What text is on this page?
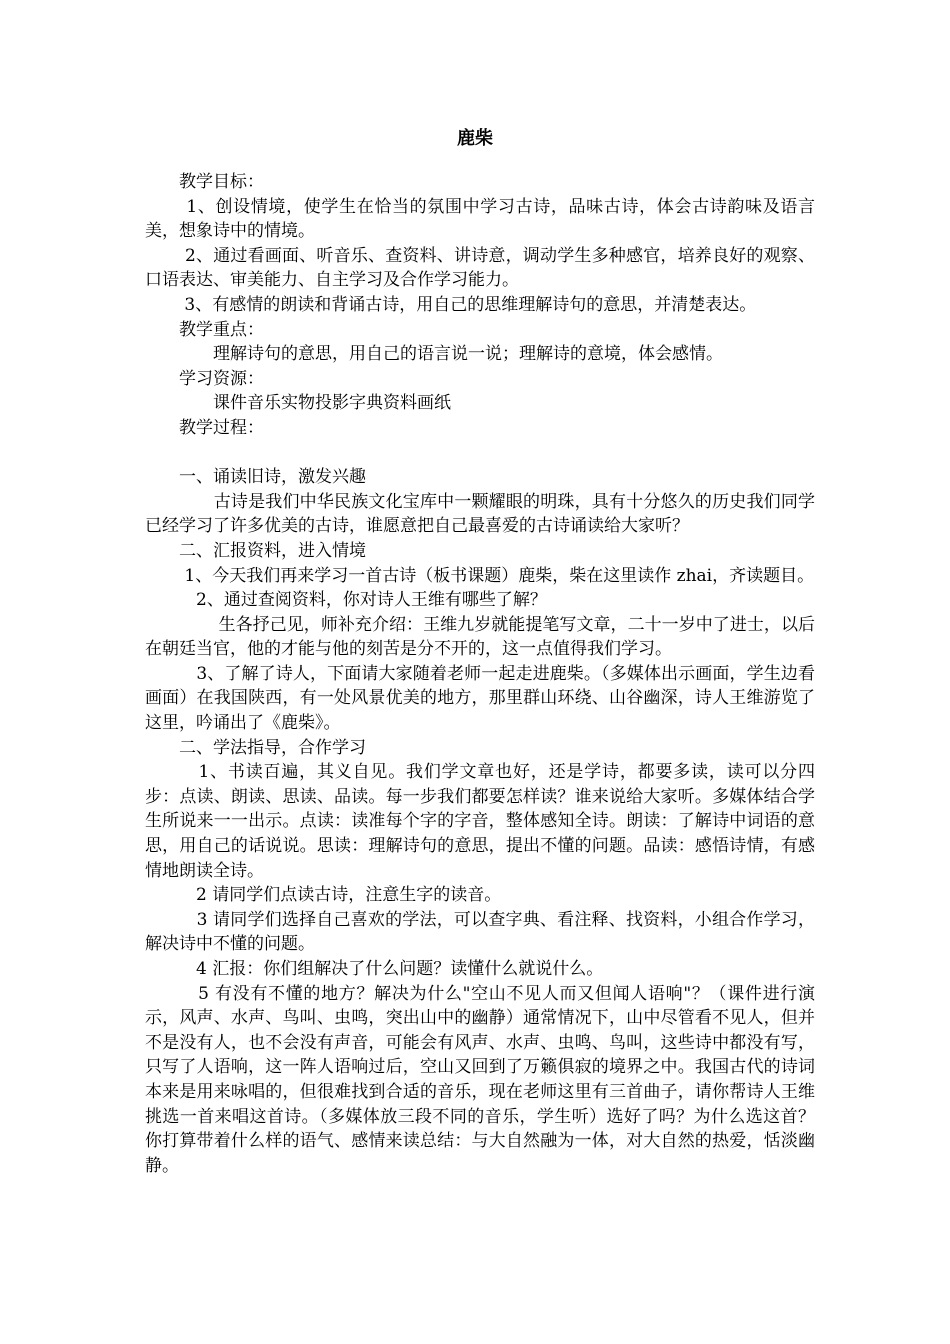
鹿柴

　　教学目标：

　　 1、创设情境，使学生在恰当的氛围中学习古诗，品味古诗，体会古诗韵味及语言美，想象诗中的情境。

　　 2、通过看画面、听音乐、查资料、讲诗意，调动学生多种感官，培养良好的观察、口语表达、审美能力、自主学习及合作学习能力。

　　 3、有感情的朗读和背诵古诗，用自己的思维理解诗句的意思，并清楚表达。

　　教学重点：

　　　　理解诗句的意思，用自己的语言说一说；理解诗的意境，体会感情。

　　学习资源：

　　　　课件音乐实物投影字典资料画纸

　　教学过程：

　　一、诵读旧诗，激发兴趣

　　　　古诗是我们中华民族文化宝库中一颗耀眼的明珠，具有十分悠久的历史我们同学已经学习了许多优美的古诗，谁愿意把自己最喜爱的古诗诵读给大家听？

　　二、汇报资料，进入情境

　　 1、今天我们再来学习一首古诗（板书课题）鹿柴，柴在这里读作 zhai，齐读题目。

　　　2、通过查阅资料，你对诗人王维有哪些了解？

　　　　 生各抒己见，师补充介绍：王维九岁就能提笔写文章，二十一岁中了进士，以后在朝廷当官，他的才能与他的刻苦是分不开的，这一点值得我们学习。

　　　3、了解了诗人，下面请大家随着老师一起走进鹿柴。（多媒体出示画面，学生边看画面）在我国陕西，有一处风景优美的地方，那里群山环绕、山谷幽深，诗人王维游览了这里，吟诵出了《鹿柴》。

　　二、学法指导，合作学习

　　　1、书读百遍，其义自见。我们学文章也好，还是学诗，都要多读，读可以分四步：点读、朗读、思读、品读。每一步我们都要怎样读？谁来说给大家听。多媒体结合学生所说来一一出示。点读：读准每个字的字音，整体感知全诗。朗读：了解诗中词语的意思，用自己的话说说。思读：理解诗句的意思，提出不懂的问题。品读：感悟诗情，有感情地朗读全诗。

　　　2 请同学们点读古诗，注意生字的读音。

　　　3 请同学们选择自己喜欢的学法，可以查字典、看注释、找资料，小组合作学习，解决诗中不懂的问题。

　　　4 汇报：你们组解决了什么问题？读懂什么就说什么。

　　　5 有没有不懂的地方？解决为什么"空山不见人而又但闻人语响"？（课件进行演示，风声、水声、鸟叫、虫鸣，突出山中的幽静）通常情况下，山中尽管看不见人，但并不是没有人，也不会没有声音，可能会有风声、水声、虫鸣、鸟叫，这些诗中都没有写，只写了人语响，这一阵人语响过后，空山又回到了万籁俱寂的境界之中。我国古代的诗词本来是用来咏唱的，但很难找到合适的音乐，现在老师这里有三首曲子，请你帮诗人王维挑选一首来唱这首诗。（多媒体放三段不同的音乐，学生听）选好了吗？为什么选这首？你打算带着什么样的语气、感情来读总结：与大自然融为一体，对大自然的热爱，恬淡幽静。
